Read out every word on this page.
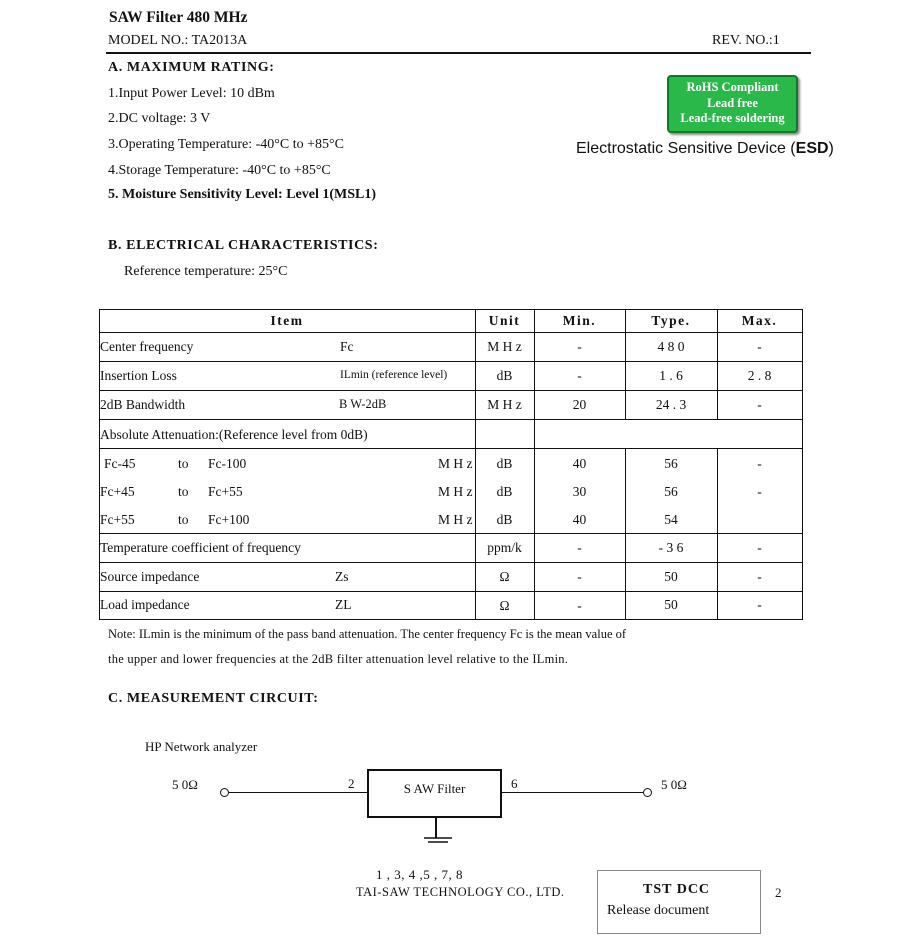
SAW Filter 480 MHz
MODEL NO.: TA2013A	REV. NO.:1
A. MAXIMUM RATING:
1.Input Power Level: 10 dBm
2.DC voltage: 3 V
3.Operating Temperature: -40°C to +85°C
4.Storage Temperature: -40°C to +85°C
5. Moisture Sensitivity Level: Level 1(MSL1)
RoHS Compliant
Lead free
Lead-free soldering
Electrostatic Sensitive Device (ESD)
B. ELECTRICAL CHARACTERISTICS:
Reference temperature: 25°C
Item	Unit	Min.	Type.	Max.
Center frequency	Fc	M H z	-	4 8 0	-
Insertion Loss	ILmin (reference level)	dB	-	1 . 6	2 . 8
2dB Bandwidth	B W-2dB	M H z	20	24 . 3	-
Absolute Attenuation:(Reference level from 0dB)
Fc-45	to Fc-100	M H z	dB	40	56	-
Fc+45	to Fc+55	M H z	dB	30	56	-
Fc+55	to Fc+100	M H z	dB	40	54
Temperature coefficient of frequency	ppm/k	-	- 3 6	-
Source impedance	Zs	Ω	-	50	-
Load impedance	ZL	Ω	-	50	-
Note: ILmin is the minimum of the pass band attenuation. The center frequency Fc is the mean value of
the upper and lower frequencies at the 2dB filter attenuation level relative to the ILmin.
C. MEASUREMENT CIRCUIT:
HP Network analyzer
5 0Ω	2	S AW Filter	6	5 0Ω
1 , 3, 4 ,5 , 7, 8
TAI-SAW TECHNOLOGY CO., LTD.	TST DCC
Release document
2
